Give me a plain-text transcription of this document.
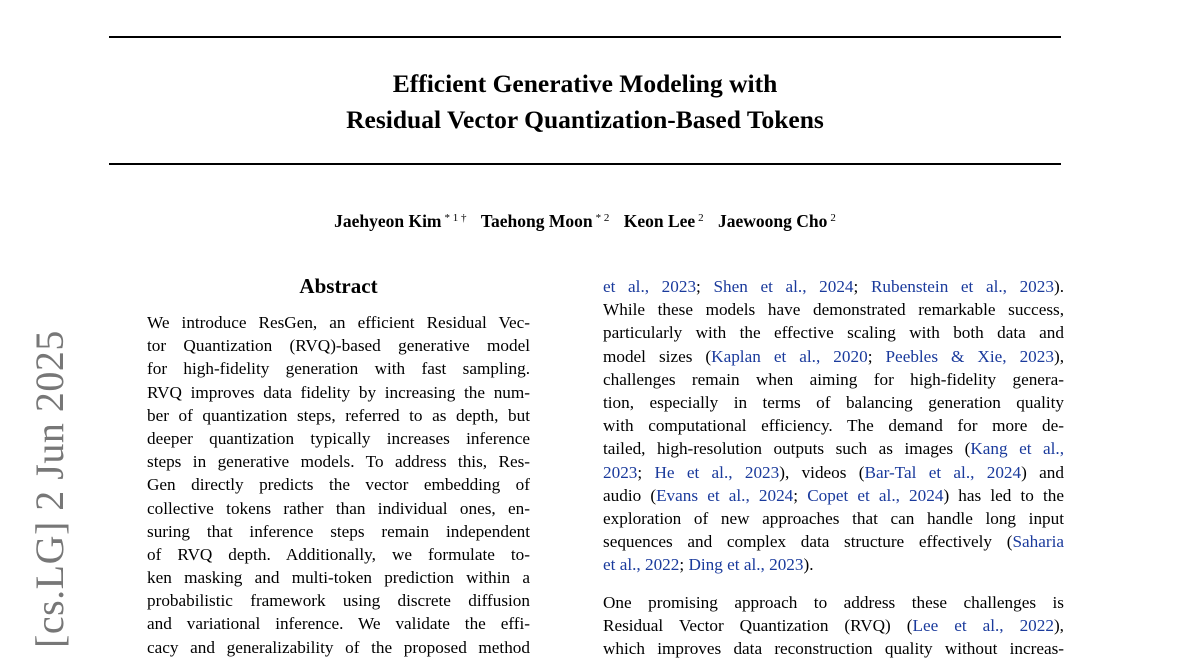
Efficient Generative Modeling with
Residual Vector Quantization-Based Tokens
Jaehyeon Kim $^{* 1 \dagger}$ Taehong Moon $^{* 2}$ Keon Lee $^2$ Jaewoong Cho $^2$
[cs.LG] 2 Jun 2025
Abstract
We introduce ResGen, an efficient Residual Vec-
tor Quantization (RVQ)-based generative model
for high-fidelity generation with fast sampling.
RVQ improves data fidelity by increasing the num-
ber of quantization steps, referred to as depth, but
deeper quantization typically increases inference
steps in generative models. To address this, Res-
Gen directly predicts the vector embedding of
collective tokens rather than individual ones, en-
suring that inference steps remain independent
of RVQ depth. Additionally, we formulate to-
ken masking and multi-token prediction within a
probabilistic framework using discrete diffusion
and variational inference. We validate the effi-
cacy and generalizability of the proposed method
et al., 2023; Shen et al., 2024; Rubenstein et al., 2023).
While these models have demonstrated remarkable success,
particularly with the effective scaling with both data and
model sizes (Kaplan et al., 2020; Peebles & Xie, 2023),
challenges remain when aiming for high-fidelity genera-
tion, especially in terms of balancing generation quality
with computational efficiency. The demand for more de-
tailed, high-resolution outputs such as images (Kang et al.,
2023; He et al., 2023), videos (Bar-Tal et al., 2024) and
audio (Evans et al., 2024; Copet et al., 2024) has led to the
exploration of new approaches that can handle long input
sequences and complex data structure effectively (Saharia
et al., 2022; Ding et al., 2023).
One promising approach to address these challenges is
Residual Vector Quantization (RVQ) (Lee et al., 2022),
which improves data reconstruction quality without increas-
